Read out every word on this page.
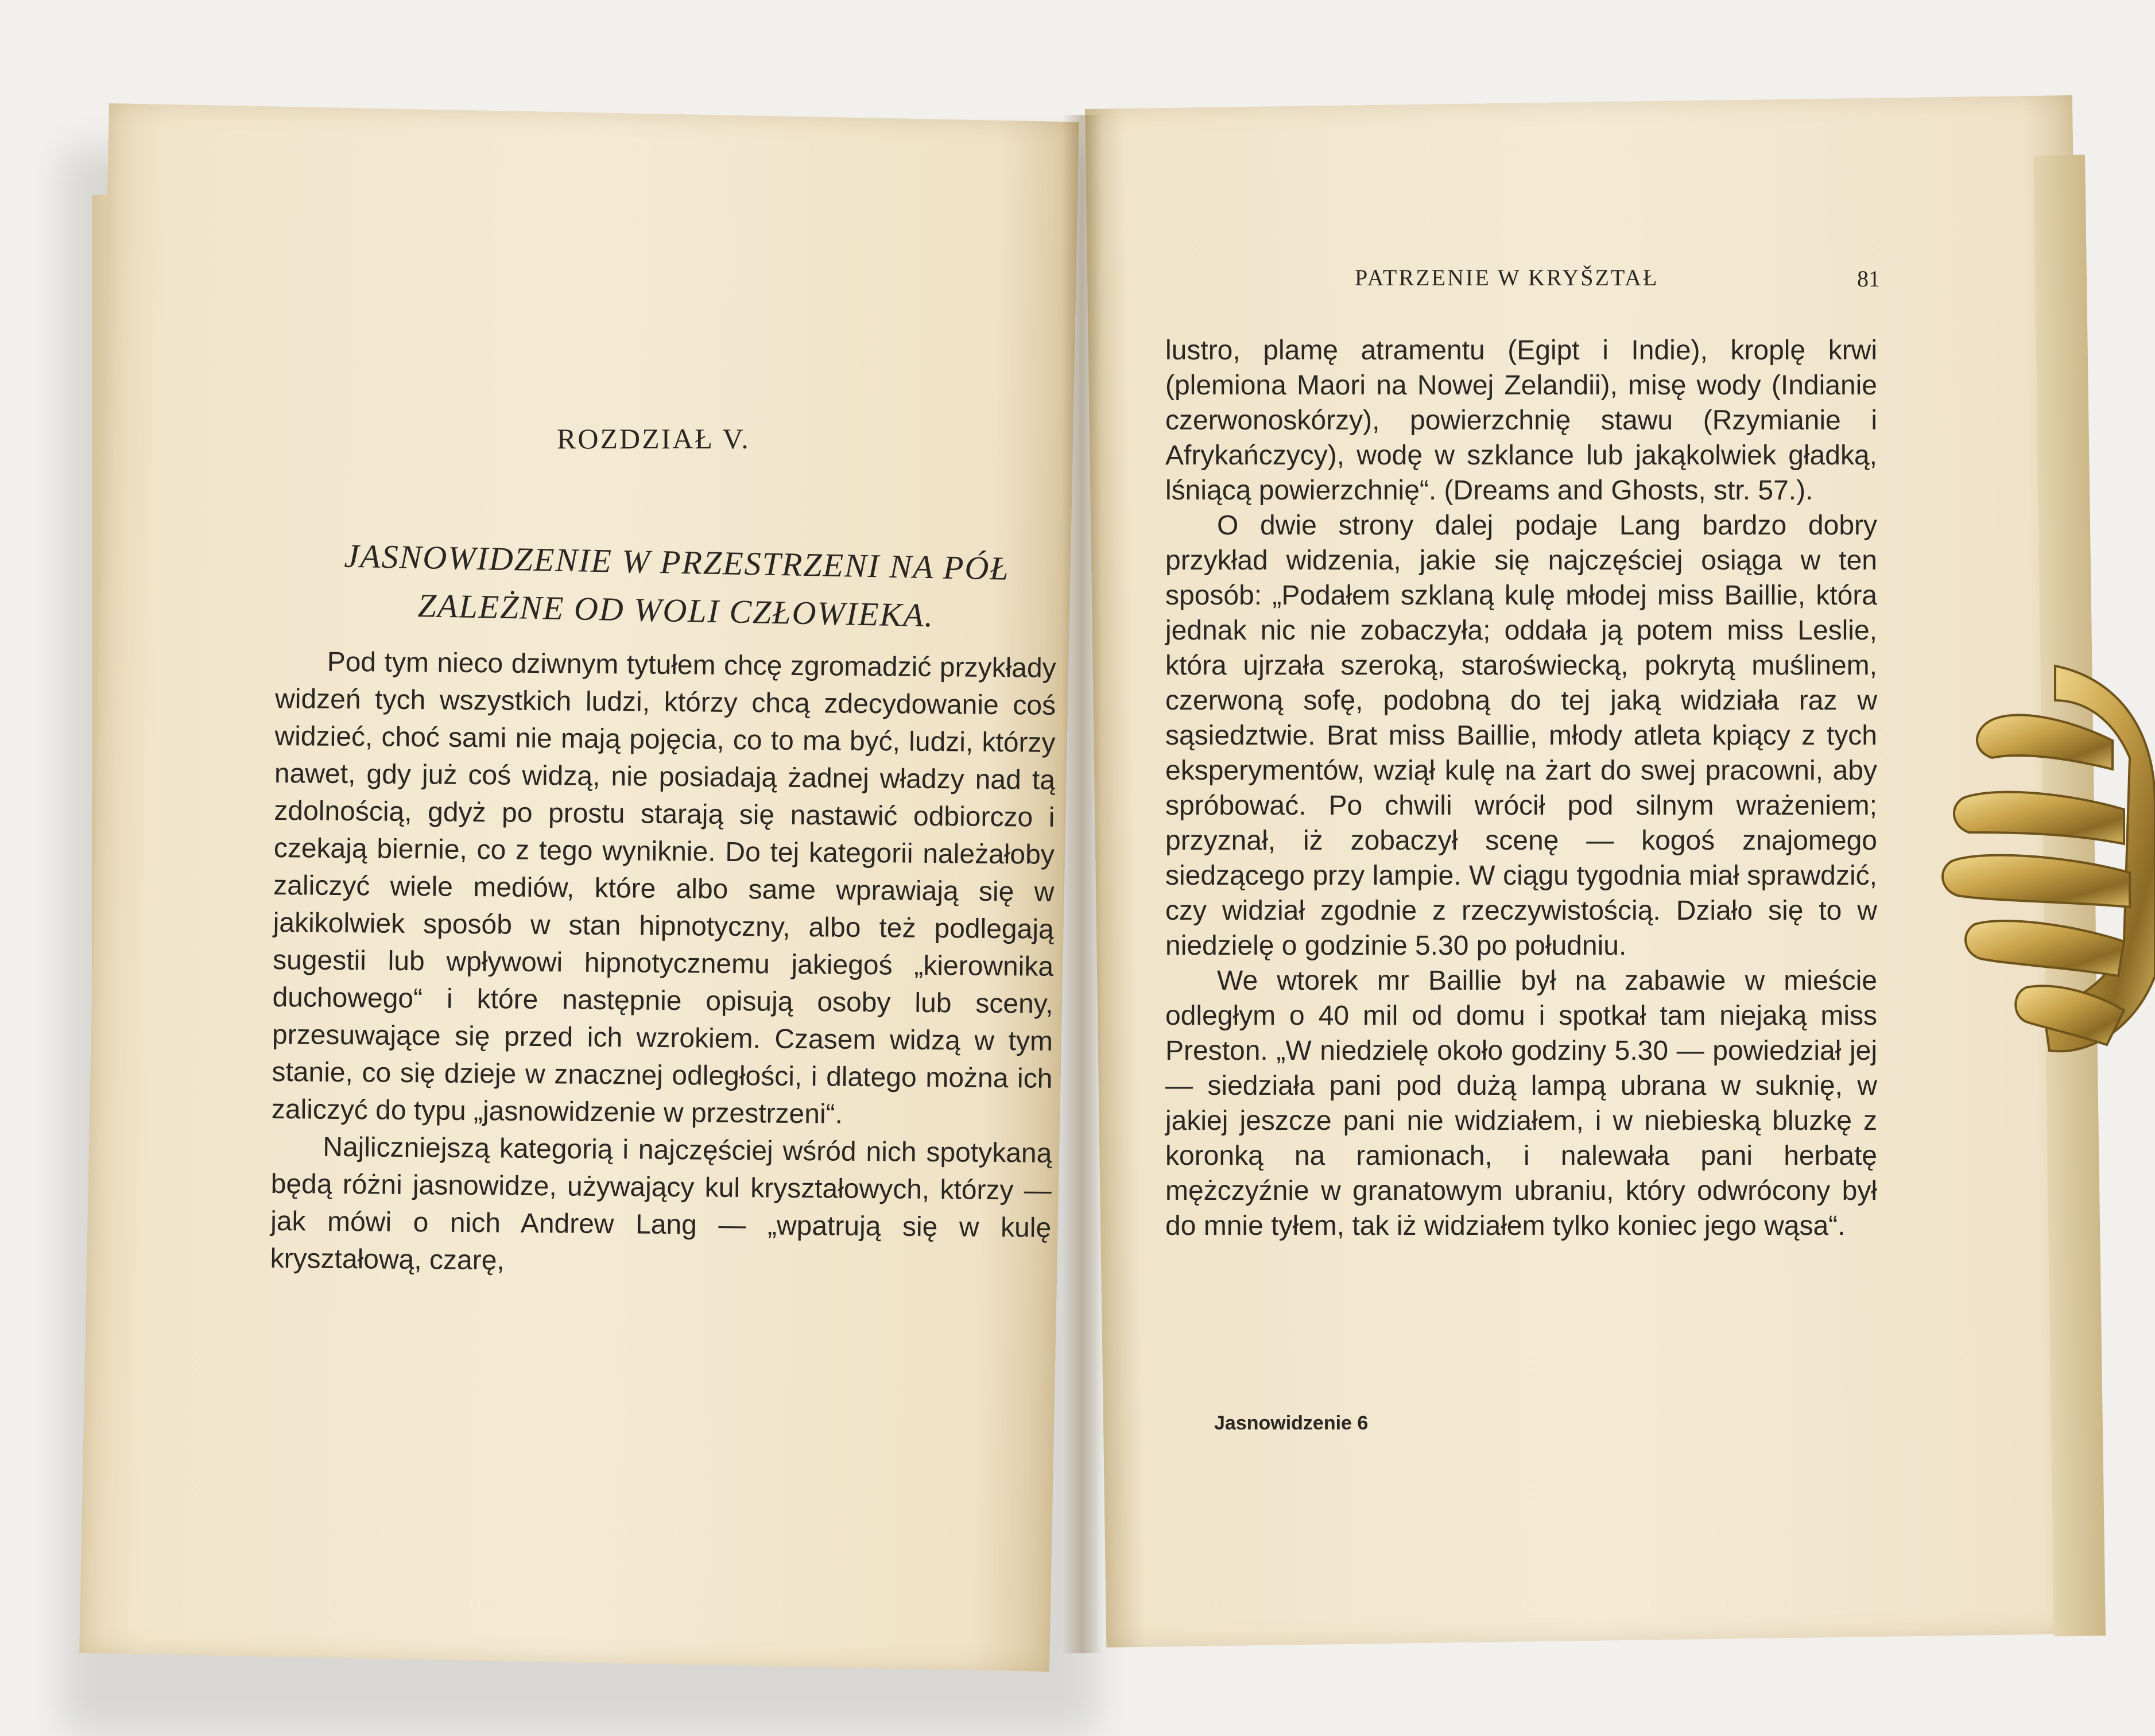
ROZDZIAŁ V.
JASNOWIDZENIE W PRZESTRZENI NA PÓŁ
ZALEŻNE OD WOLI CZŁOWIEKA.

Pod tym nieco dziwnym tytułem chcę zgromadzić przykłady widzeń tych wszystkich ludzi, którzy chcą zdecydowanie coś widzieć, choć sami nie mają pojęcia, co to ma być, ludzi, którzy nawet, gdy już coś widzą, nie posiadają żadnej władzy nad tą zdolnością, gdyż po prostu starają się nastawić odbiorczo i czekają biernie, co z tego wyniknie. Do tej kategorii należałoby zaliczyć wiele mediów, które albo same wprawiają się w jakikolwiek sposób w stan hipnotyczny, albo też podlegają sugestii lub wpływowi hipnotycznemu jakiegoś „kierownika duchowego“ i które następnie opisują osoby lub sceny, przesuwające się przed ich wzrokiem. Czasem widzą w tym stanie, co się dzieje w znacznej odległości, i dlatego można ich zaliczyć do typu „jasnowidzenie w przestrzeni“.

Najliczniejszą kategorią i najczęściej wśród nich spotykaną będą różni jasnowidze, używający kul kryształowych, którzy — jak mówi o nich Andrew Lang — „wpatrują się w kulę kryształową, czarę,

PATRZENIE W KRYŠZTAŁ	81

lustro, plamę atramentu (Egipt i Indie), kroplę krwi (plemiona Maori na Nowej Zelandii), misę wody (Indianie czerwonoskórzy), powierzchnię stawu (Rzymianie i Afrykańczycy), wodę w szklance lub jakąkolwiek gładką, lśniącą powierzchnię“. (Dreams and Ghosts, str. 57.).

O dwie strony dalej podaje Lang bardzo dobry przykład widzenia, jakie się najczęściej osiąga w ten sposób: „Podałem szklaną kulę młodej miss Baillie, która jednak nic nie zobaczyła; oddała ją potem miss Leslie, która ujrzała szeroką, staroświecką, pokrytą muślinem, czerwoną sofę, podobną do tej jaką widziała raz w sąsiedztwie. Brat miss Baillie, młody atleta kpiący z tych eksperymentów, wziął kulę na żart do swej pracowni, aby spróbować. Po chwili wrócił pod silnym wrażeniem; przyznał, iż zobaczył scenę — kogoś znajomego siedzącego przy lampie. W ciągu tygodnia miał sprawdzić, czy widział zgodnie z rzeczywistością. Działo się to w niedzielę o godzinie 5.30 po południu.

We wtorek mr Baillie był na zabawie w mieście odległym o 40 mil od domu i spotkał tam niejaką miss Preston. „W niedzielę około godziny 5.30 — powiedział jej — siedziała pani pod dużą lampą ubrana w suknię, w jakiej jeszcze pani nie widziałem, i w niebieską bluzkę z koronką na ramionach, i nalewała pani herbatę mężczyźnie w granatowym ubraniu, który odwrócony był do mnie tyłem, tak iż widziałem tylko koniec jego wąsa“.

Jasnowidzenie 6
